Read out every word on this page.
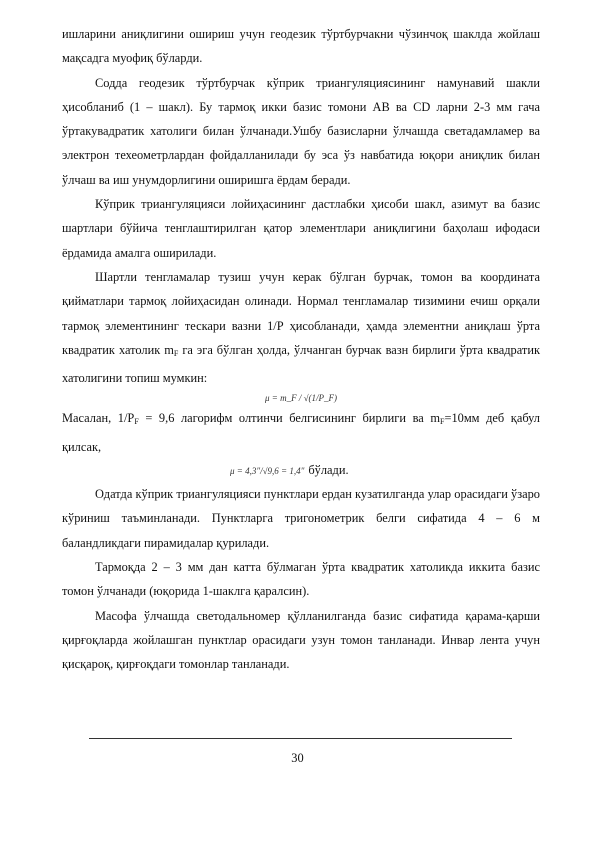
ишларини аниқлигини ошириш учун геодезик тўртбурчакни чўзинчоқ шаклда жойлаш мақсадга муофиқ бўларди.

Содда геодезик тўртбурчак кўприк триангуляциясининг намунавий шакли ҳисобланиб (1 – шакл). Бу тармоқ икки базис томони АВ ва CD ларни 2-3 мм гача ўртакувадратик хатолиги билан ўлчанади.Ушбу базисларни ўлчашда светадамламер ва электрон техеометрлардан фойдалланилади бу эса ўз навбатида юқори аниқлик билан ўлчаш ва иш унумдорлигини оширишга ёрдам беради.

Кўприк триангуляцияси лойиҳасининг дастлабки ҳисоби шакл, азимут ва базис шартлари бўйича тенглаштирилган қатор элементлари аниқлигини баҳолаш ифодаси ёрдамида амалга оширилади.

Шартли тенгламалар тузиш учун керак бўлган бурчак, томон ва координата қийматлари тармоқ лойиҳасидан олинади. Нормал тенгламалар тизимини ечиш орқали тармоқ элементининг тескари вазни 1/Р ҳисобланади, ҳамда элементни аниқлаш ўрта квадратик хатолик $m_F$ га эга бўлган ҳолда, ўлчанган бурчак вазн бирлиги ўрта квадратик хатолигини топиш мумкин:

μ = m_F / √(1/P_F)

Масалан, $1/Р_F = 9,6$ лагорифм олтинчи белгисининг бирлиги ва $m_F=10мм$ деб қабул қилсак,

μ = 4,3″/√9,6 = 1,4″ бўлади.

Одатда кўприк триангуляцияси пунктлари ердан кузатилганда улар орасидаги ўзаро кўриниш таъминланади. Пунктларга тригонометрик белги сифатида 4 – 6 м баландликдаги пирамидалар қурилади.

Тармоқда 2 – 3 мм дан катта бўлмаган ўрта квадратик хатоликда иккита базис томон ўлчанади (юқорида 1-шаклга қаралсин).

Масофа ўлчашда светодальномер қўлланилганда базис сифатида қарама-қарши қирғоқларда жойлашган пунктлар орасидаги узун томон танланади. Инвар лента учун қисқароқ, қирғоқдаги томонлар танланади.

30
